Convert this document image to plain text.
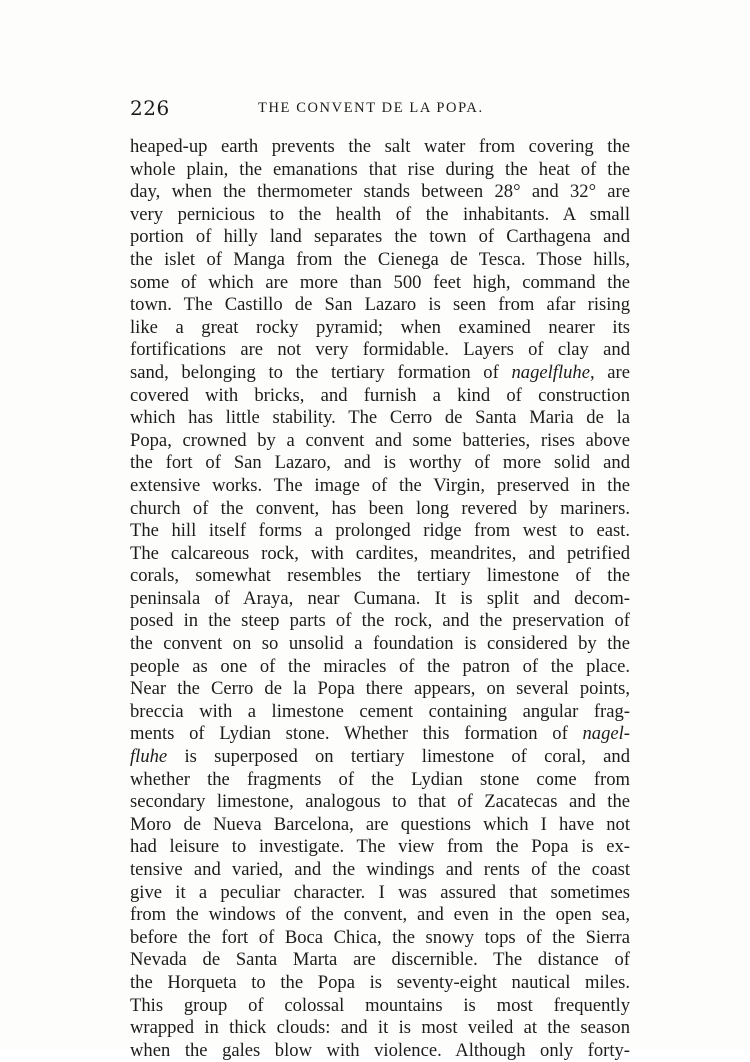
226	THE CONVENT DE LA POPA.
heaped-up earth prevents the salt water from covering the
whole plain, the emanations that rise during the heat of the
day, when the thermometer stands between 28° and 32° are
very pernicious to the health of the inhabitants. A small
portion of hilly land separates the town of Carthagena and
the islet of Manga from the Cienega de Tesca. Those hills,
some of which are more than 500 feet high, command the
town. The Castillo de San Lazaro is seen from afar rising
like a great rocky pyramid; when examined nearer its
fortifications are not very formidable. Layers of clay and
sand, belonging to the tertiary formation of nagelfluhe, are
covered with bricks, and furnish a kind of construction
which has little stability. The Cerro de Santa Maria de la
Popa, crowned by a convent and some batteries, rises above
the fort of San Lazaro, and is worthy of more solid and
extensive works. The image of the Virgin, preserved in the
church of the convent, has been long revered by mariners.
The hill itself forms a prolonged ridge from west to east.
The calcareous rock, with cardites, meandrites, and petrified
corals, somewhat resembles the tertiary limestone of the
peninsala of Araya, near Cumana. It is split and decom-
posed in the steep parts of the rock, and the preservation of
the convent on so unsolid a foundation is considered by the
people as one of the miracles of the patron of the place.
Near the Cerro de la Popa there appears, on several points,
breccia with a limestone cement containing angular frag-
ments of Lydian stone. Whether this formation of nagel-
fluhe is superposed on tertiary limestone of coral, and
whether the fragments of the Lydian stone come from
secondary limestone, analogous to that of Zacatecas and the
Moro de Nueva Barcelona, are questions which I have not
had leisure to investigate. The view from the Popa is ex-
tensive and varied, and the windings and rents of the coast
give it a peculiar character. I was assured that sometimes
from the windows of the convent, and even in the open sea,
before the fort of Boca Chica, the snowy tops of the Sierra
Nevada de Santa Marta are discernible. The distance of
the Horqueta to the Popa is seventy-eight nautical miles.
This group of colossal mountains is most frequently
wrapped in thick clouds: and it is most veiled at the season
when the gales blow with violence. Although only forty-
